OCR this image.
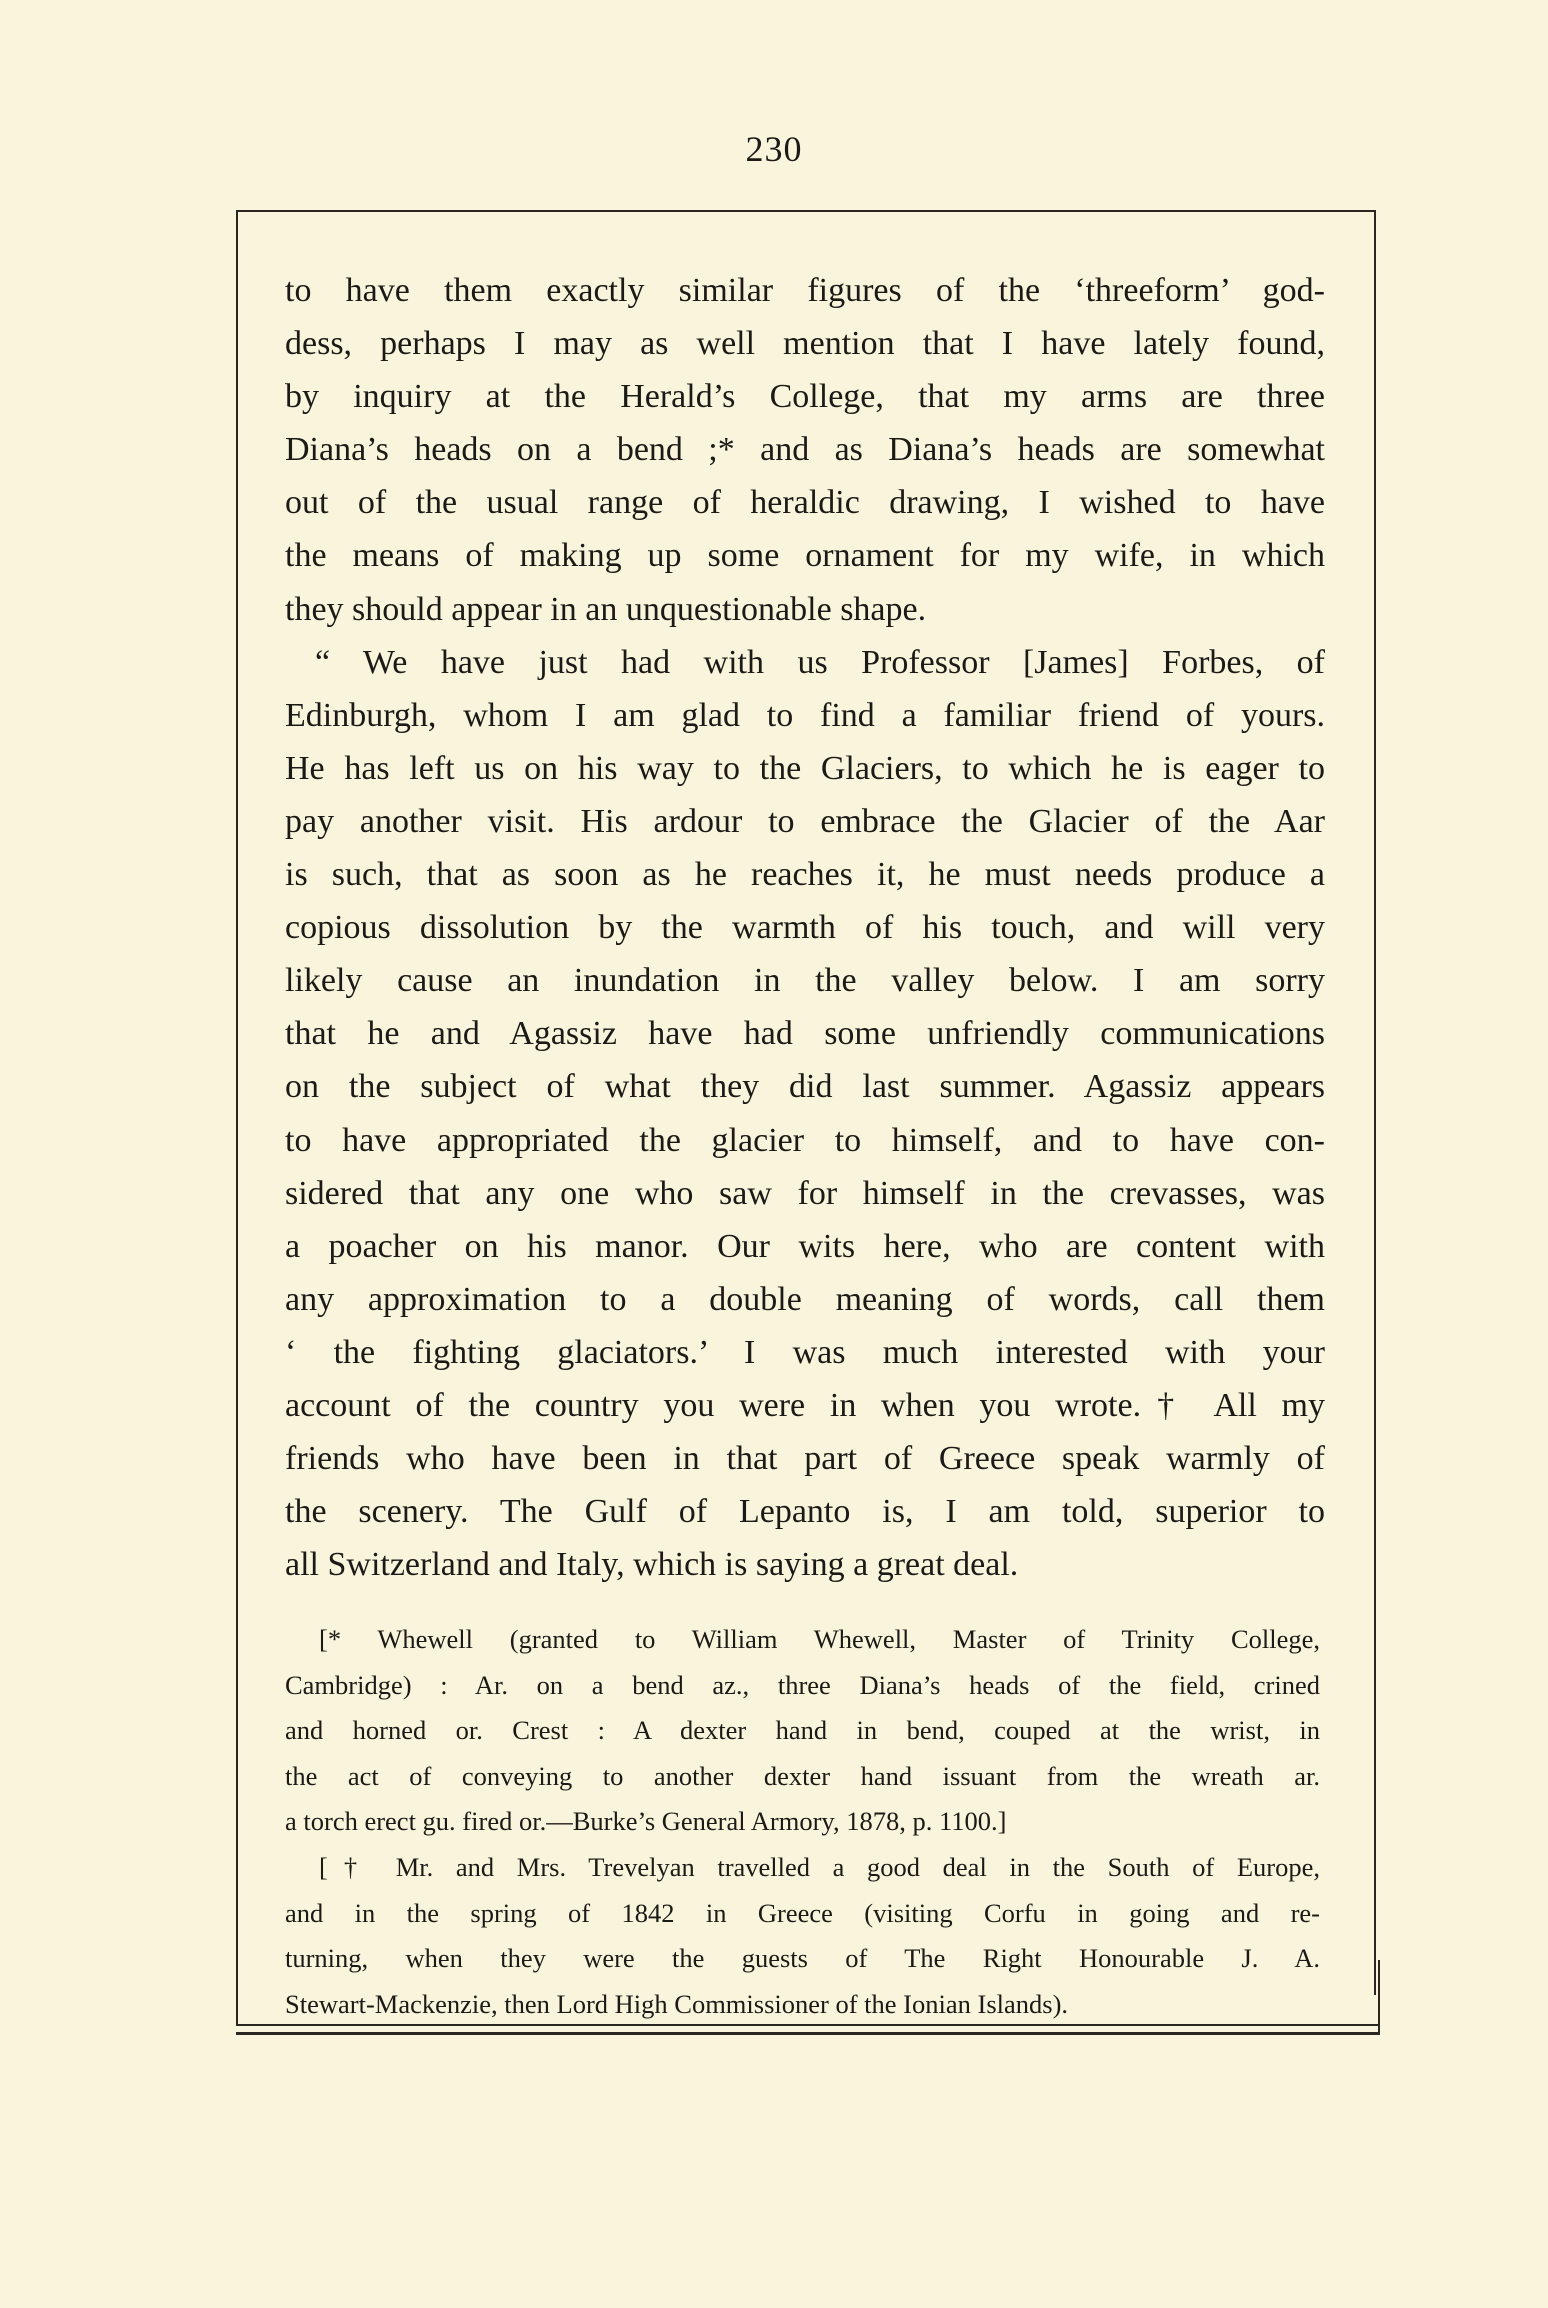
230
to have them exactly similar figures of the ‘threeform’ god-
dess, perhaps I may as well mention that I have lately found,
by inquiry at the Herald’s College, that my arms are three
Diana’s heads on a bend ;* and as Diana’s heads are somewhat
out of the usual range of heraldic drawing, I wished to have
the means of making up some ornament for my wife, in which
they should appear in an unquestionable shape.
“ We have just had with us Professor [James] Forbes, of
Edinburgh, whom I am glad to find a familiar friend of yours.
He has left us on his way to the Glaciers, to which he is eager to
pay another visit. His ardour to embrace the Glacier of the Aar
is such, that as soon as he reaches it, he must needs produce a
copious dissolution by the warmth of his touch, and will very
likely cause an inundation in the valley below. I am sorry
that he and Agassiz have had some unfriendly communications
on the subject of what they did last summer. Agassiz appears
to have appropriated the glacier to himself, and to have con-
sidered that any one who saw for himself in the crevasses, was
a poacher on his manor. Our wits here, who are content with
any approximation to a double meaning of words, call them
‘ the fighting glaciators.’ I was much interested with your
account of the country you were in when you wrote.† All my
friends who have been in that part of Greece speak warmly of
the scenery. The Gulf of Lepanto is, I am told, superior to
all Switzerland and Italy, which is saying a great deal.
[* Whewell (granted to William Whewell, Master of Trinity College,
Cambridge) : Ar. on a bend az., three Diana’s heads of the field, crined
and horned or. Crest : A dexter hand in bend, couped at the wrist, in
the act of conveying to another dexter hand issuant from the wreath ar.
a torch erect gu. fired or.—Burke’s General Armory, 1878, p. 1100.]
[† Mr. and Mrs. Trevelyan travelled a good deal in the South of Europe,
and in the spring of 1842 in Greece (visiting Corfu in going and re-
turning, when they were the guests of The Right Honourable J. A.
Stewart-Mackenzie, then Lord High Commissioner of the Ionian Islands).
